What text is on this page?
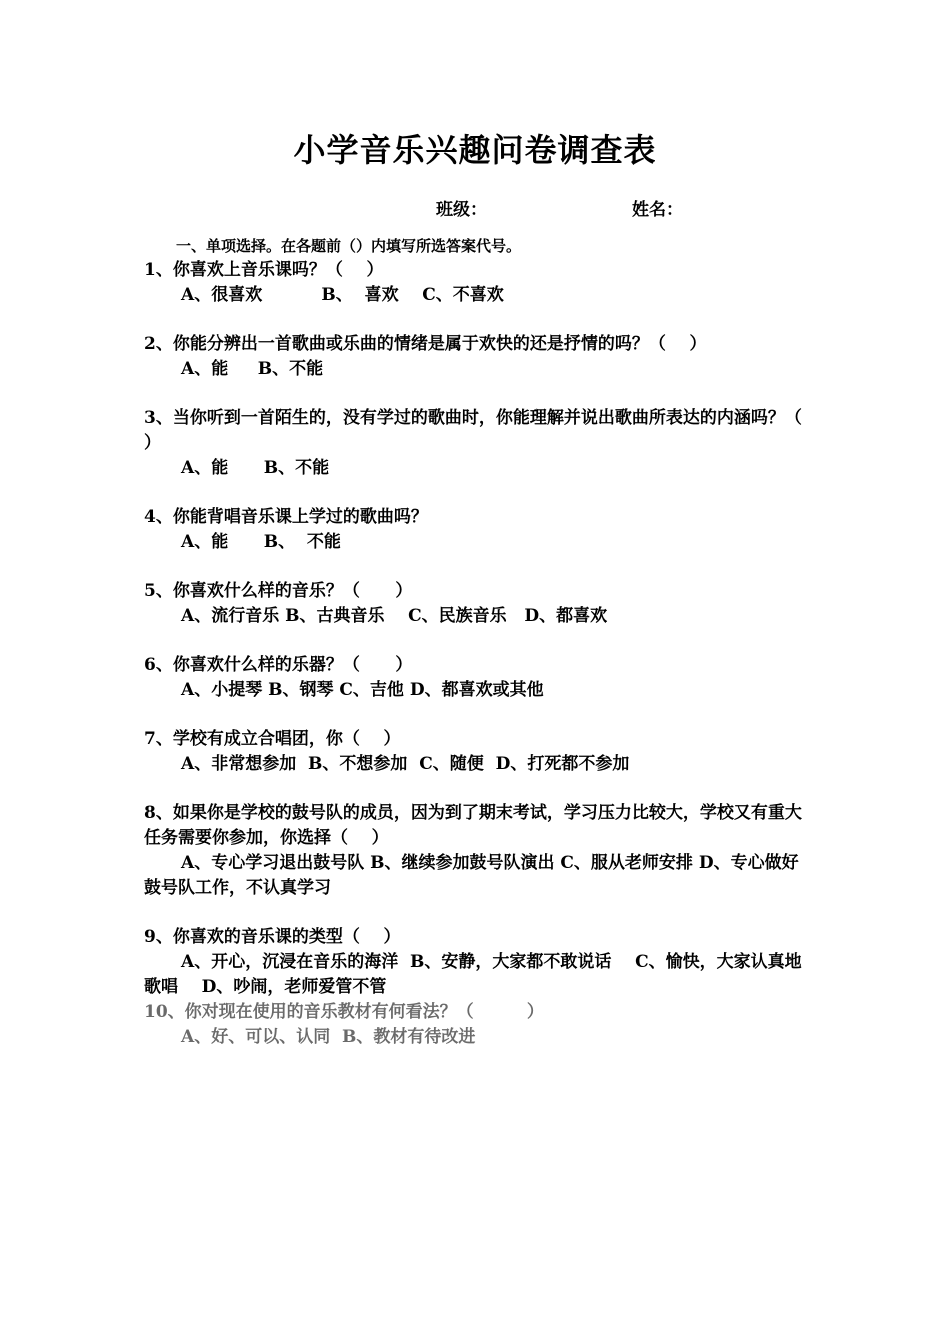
小学音乐兴趣问卷调查表
班级：	姓名：
一、单项选择。在各题前（）内填写所选答案代号。
1、你喜欢上音乐课吗？（    ）
A、很喜欢          B、  喜欢    C、不喜欢
2、你能分辨出一首歌曲或乐曲的情绪是属于欢快的还是抒情的吗？（    ）
A、能     B、不能
3、当你听到一首陌生的，没有学过的歌曲时，你能理解并说出歌曲所表达的内涵吗？（     ）
A、能      B、不能
4、你能背唱音乐课上学过的歌曲吗？
A、能      B、  不能
5、你喜欢什么样的音乐？（      ）
A、流行音乐 B、古典音乐    C、民族音乐   D、都喜欢
6、你喜欢什么样的乐器？（      ）
A、小提琴 B、钢琴 C、吉他 D、都喜欢或其他
7、学校有成立合唱团，你（    ）
A、非常想参加  B、不想参加  C、随便  D、打死都不参加
8、如果你是学校的鼓号队的成员，因为到了期末考试，学习压力比较大，学校又有重大任务需要你参加，你选择（    ）
A、专心学习退出鼓号队 B、继续参加鼓号队演出 C、服从老师安排 D、专心做好鼓号队工作，不认真学习
9、你喜欢的音乐课的类型（    ）
A、开心，沉浸在音乐的海洋  B、安静，大家都不敢说话    C、愉快，大家认真地歌唱    D、吵闹，老师爱管不管
10、你对现在使用的音乐教材有何看法？（         ）
A、好、可以、认同  B、教材有待改进
